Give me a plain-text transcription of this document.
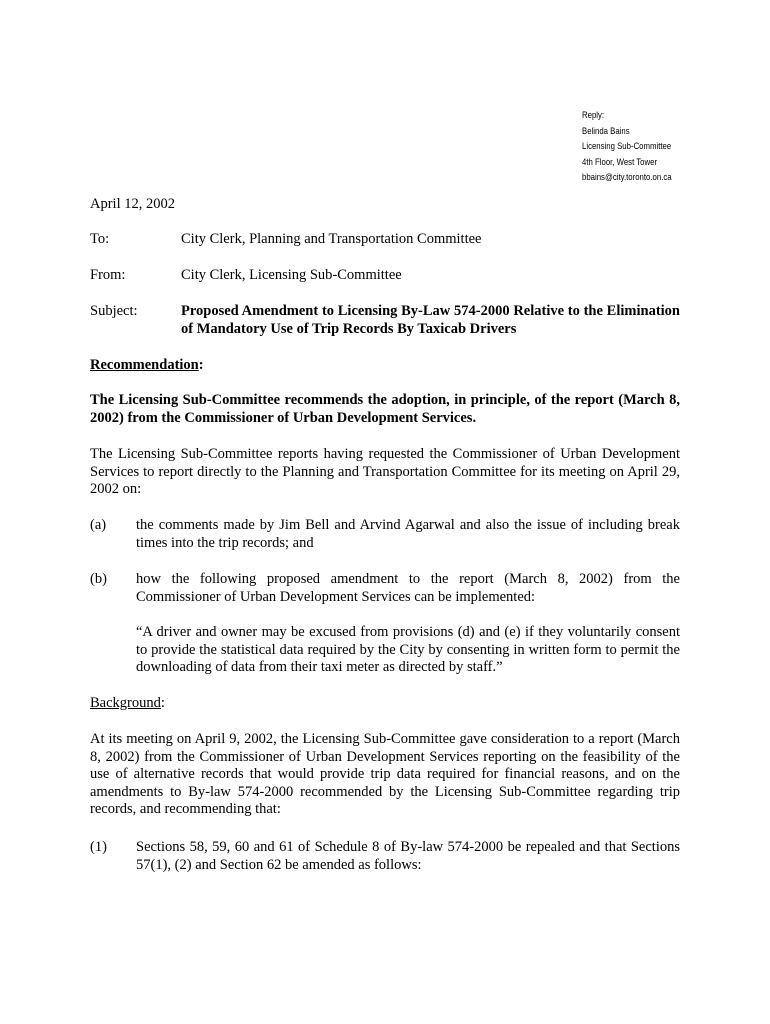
Reply:
Belinda Bains
Licensing Sub-Committee
4th Floor, West Tower
bbains@city.toronto.on.ca
April 12, 2002
To:	City Clerk, Planning and Transportation Committee
From:	City Clerk, Licensing Sub-Committee
Subject:	Proposed Amendment to Licensing By-Law 574-2000 Relative to the Elimination of Mandatory Use of Trip Records By Taxicab Drivers
Recommendation:
The Licensing Sub-Committee recommends the adoption, in principle, of the report (March 8, 2002) from the Commissioner of Urban Development Services.
The Licensing Sub-Committee reports having requested the Commissioner of Urban Development Services to report directly to the Planning and Transportation Committee for its meeting on April 29, 2002 on:
(a) the comments made by Jim Bell and Arvind Agarwal and also the issue of including break times into the trip records; and
(b) how the following proposed amendment to the report (March 8, 2002) from the Commissioner of Urban Development Services can be implemented:
“A driver and owner may be excused from provisions (d) and (e) if they voluntarily consent to provide the statistical data required by the City by consenting in written form to permit the downloading of data from their taxi meter as directed by staff.”
Background:
At its meeting on April 9, 2002, the Licensing Sub-Committee gave consideration to a report (March 8, 2002) from the Commissioner of Urban Development Services reporting on the feasibility of the use of alternative records that would provide trip data required for financial reasons, and on the amendments to By-law 574-2000 recommended by the Licensing Sub-Committee regarding trip records, and recommending that:
(1) Sections 58, 59, 60 and 61 of Schedule 8 of By-law 574-2000 be repealed and that Sections 57(1), (2) and Section 62 be amended as follows:
